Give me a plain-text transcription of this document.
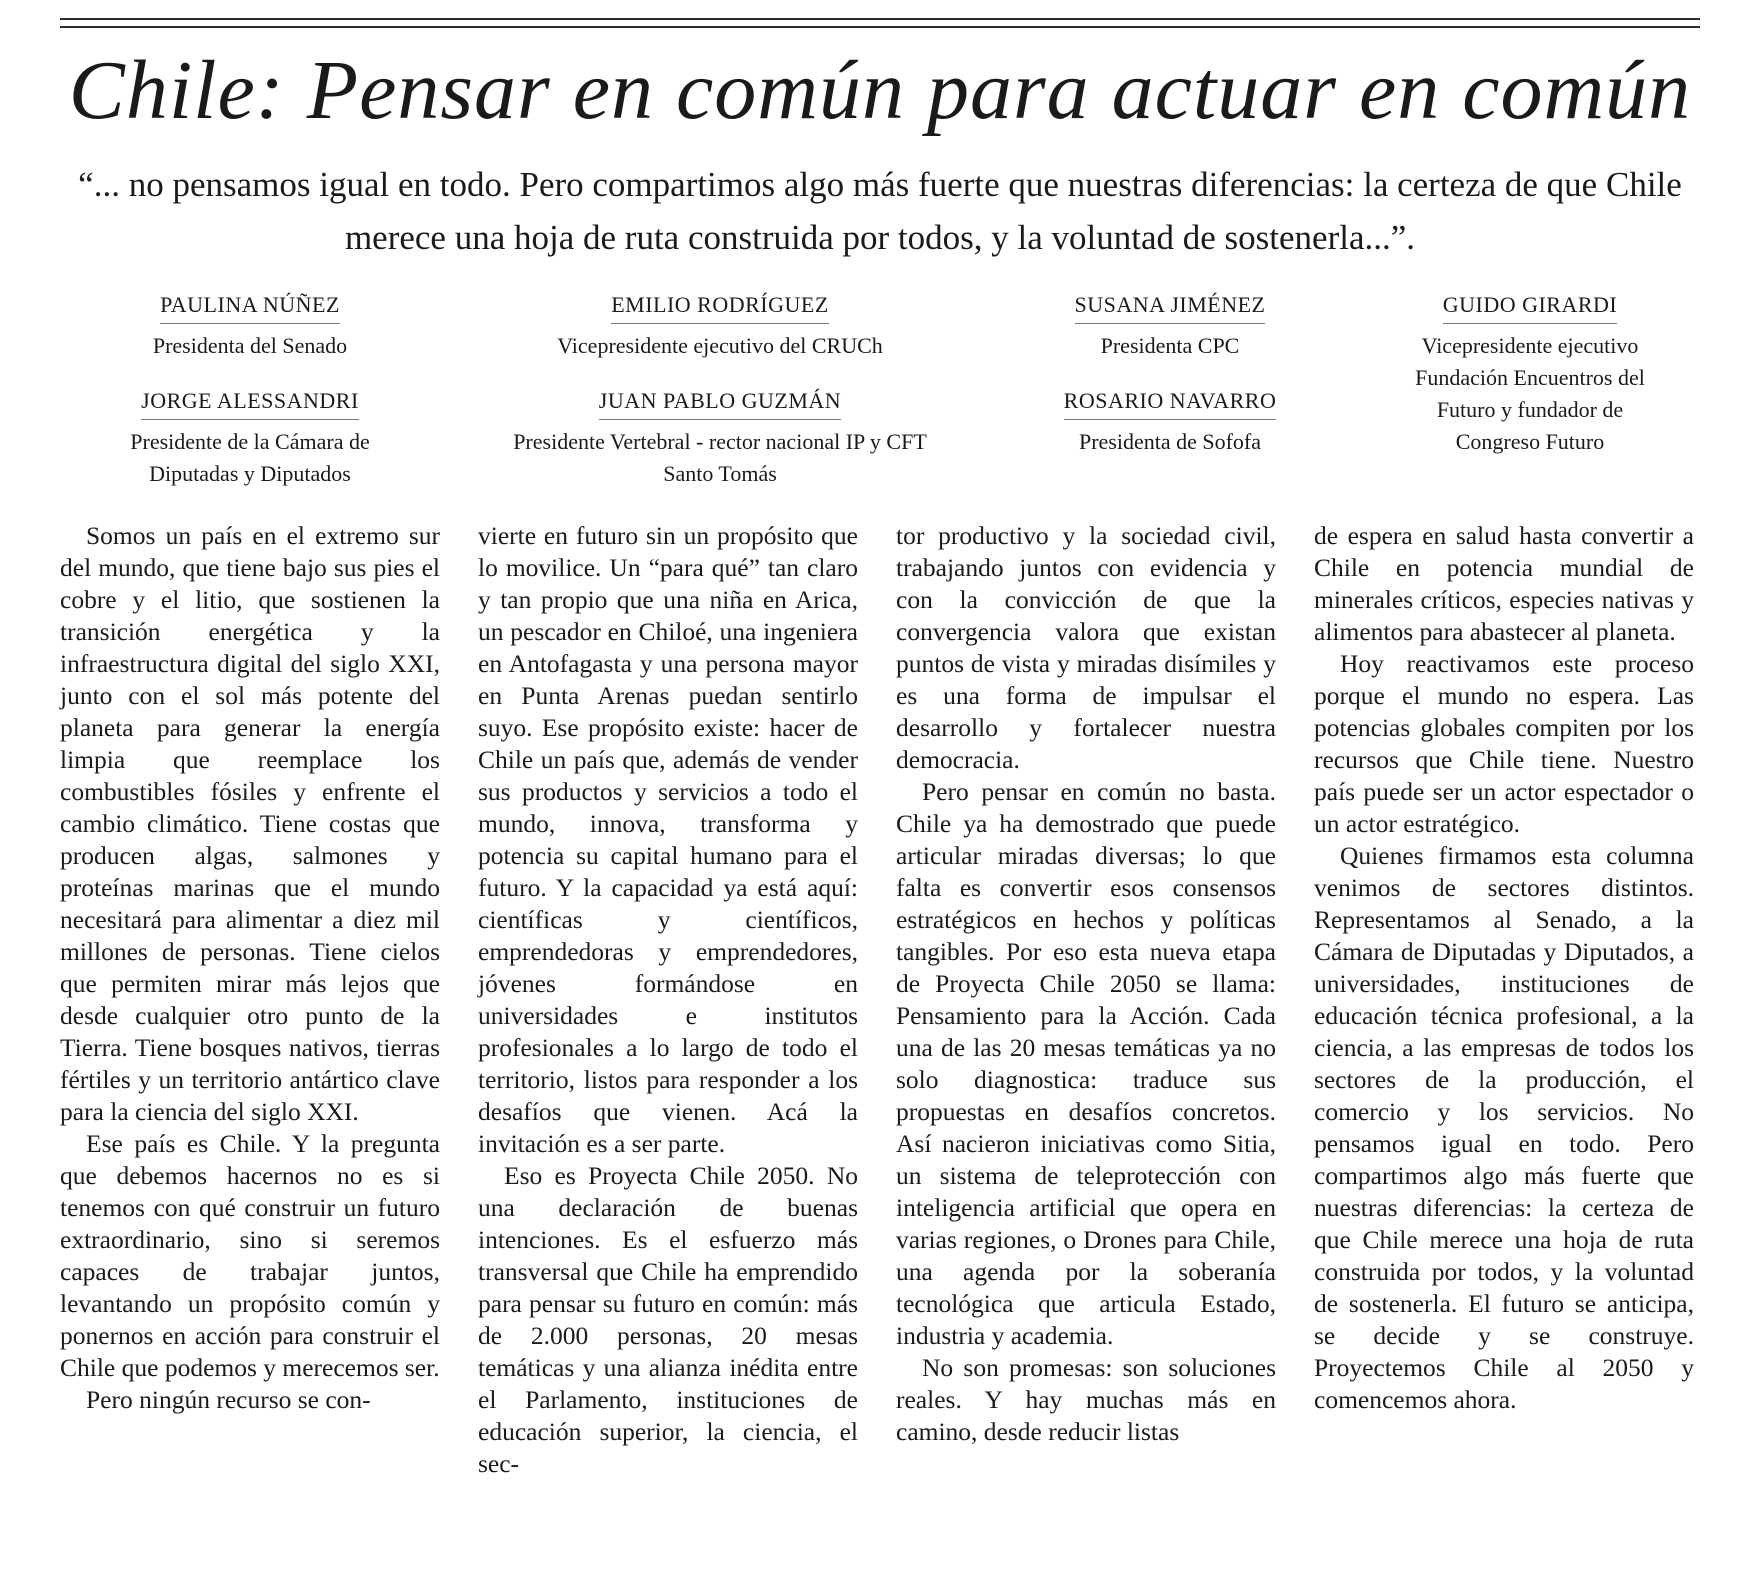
Chile: Pensar en común para actuar en común

“... no pensamos igual en todo. Pero compartimos algo más fuerte que nuestras diferencias: la certeza de que Chile merece una hoja de ruta construida por todos, y la voluntad de sostenerla...”.

PAULINA NÚÑEZ
Presidenta del Senado
JORGE ALESSANDRI
Presidente de la Cámara de Diputadas y Diputados
EMILIO RODRÍGUEZ
Vicepresidente ejecutivo del CRUCh
JUAN PABLO GUZMÁN
Presidente Vertebral - rector nacional IP y CFT Santo Tomás
SUSANA JIMÉNEZ
Presidenta CPC
ROSARIO NAVARRO
Presidenta de Sofofa
GUIDO GIRARDI
Vicepresidente ejecutivo Fundación Encuentros del Futuro y fundador de Congreso Futuro

Somos un país en el extremo sur del mundo, que tiene bajo sus pies el cobre y el litio, que sostienen la transición energética y la infraestructura digital del siglo XXI, junto con el sol más potente del planeta para generar la energía limpia que reemplace los combustibles fósiles y enfrente el cambio climático. Tiene costas que producen algas, salmones y proteínas marinas que el mundo necesitará para alimentar a diez mil millones de personas. Tiene cielos que permiten mirar más lejos que desde cualquier otro punto de la Tierra. Tiene bosques nativos, tierras fértiles y un territorio antártico clave para la ciencia del siglo XXI.

Ese país es Chile. Y la pregunta que debemos hacernos no es si tenemos con qué construir un futuro extraordinario, sino si seremos capaces de trabajar juntos, levantando un propósito común y ponernos en acción para construir el Chile que podemos y merecemos ser.

Pero ningún recurso se con-

vierte en futuro sin un propósito que lo movilice. Un “para qué” tan claro y tan propio que una niña en Arica, un pescador en Chiloé, una ingeniera en Antofagasta y una persona mayor en Punta Arenas puedan sentirlo suyo. Ese propósito existe: hacer de Chile un país que, además de vender sus productos y servicios a todo el mundo, innova, transforma y potencia su capital humano para el futuro. Y la capacidad ya está aquí: científicas y científicos, emprendedoras y emprendedores, jóvenes formándose en universidades e institutos profesionales a lo largo de todo el territorio, listos para responder a los desafíos que vienen. Acá la invitación es a ser parte.

Eso es Proyecta Chile 2050. No una declaración de buenas intenciones. Es el esfuerzo más transversal que Chile ha emprendido para pensar su futuro en común: más de 2.000 personas, 20 mesas temáticas y una alianza inédita entre el Parlamento, instituciones de educación superior, la ciencia, el sec-

tor productivo y la sociedad civil, trabajando juntos con evidencia y con la convicción de que la convergencia valora que existan puntos de vista y miradas disímiles y es una forma de impulsar el desarrollo y fortalecer nuestra democracia.

Pero pensar en común no basta. Chile ya ha demostrado que puede articular miradas diversas; lo que falta es convertir esos consensos estratégicos en hechos y políticas tangibles. Por eso esta nueva etapa de Proyecta Chile 2050 se llama: Pensamiento para la Acción. Cada una de las 20 mesas temáticas ya no solo diagnostica: traduce sus propuestas en desafíos concretos. Así nacieron iniciativas como Sitia, un sistema de teleprotección con inteligencia artificial que opera en varias regiones, o Drones para Chile, una agenda por la soberanía tecnológica que articula Estado, industria y academia.

No son promesas: son soluciones reales. Y hay muchas más en camino, desde reducir listas

de espera en salud hasta convertir a Chile en potencia mundial de minerales críticos, especies nativas y alimentos para abastecer al planeta.

Hoy reactivamos este proceso porque el mundo no espera. Las potencias globales compiten por los recursos que Chile tiene. Nuestro país puede ser un actor espectador o un actor estratégico.

Quienes firmamos esta columna venimos de sectores distintos. Representamos al Senado, a la Cámara de Diputadas y Diputados, a universidades, instituciones de educación técnica profesional, a la ciencia, a las empresas de todos los sectores de la producción, el comercio y los servicios. No pensamos igual en todo. Pero compartimos algo más fuerte que nuestras diferencias: la certeza de que Chile merece una hoja de ruta construida por todos, y la voluntad de sostenerla. El futuro se anticipa, se decide y se construye. Proyectemos Chile al 2050 y comencemos ahora.
